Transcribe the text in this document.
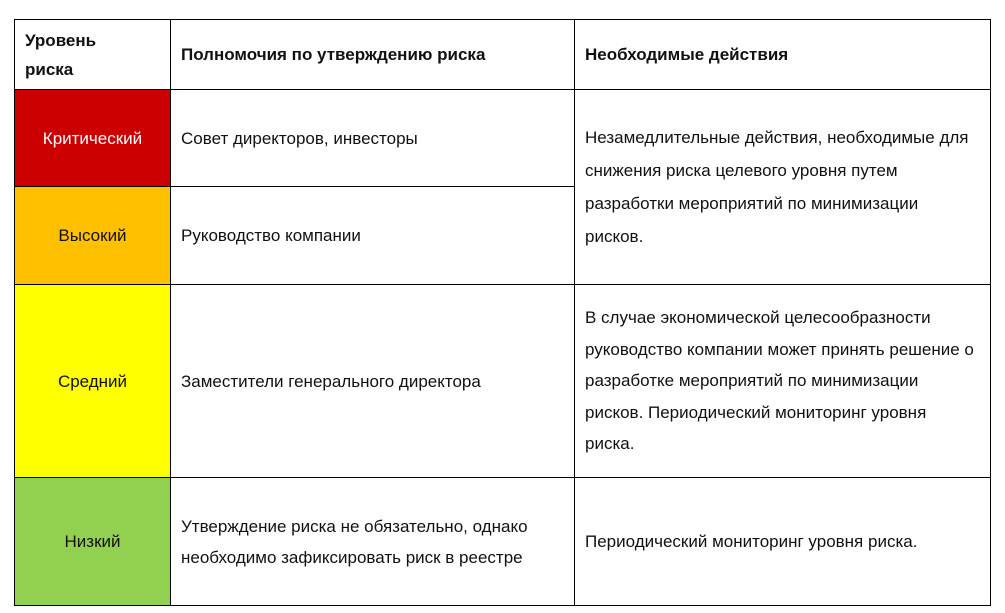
Уровень риска	Полномочия по утверждению риска	Необходимые действия
Критический	Совет директоров, инвесторы	Незамедлительные действия, необходимые для снижения риска целевого уровня путем разработки мероприятий по минимизации рисков.
Высокий	Руководство компании	
Средний	Заместители генерального директора	В случае экономической целесообразности руководство компании может принять решение о разработке мероприятий по минимизации рисков. Периодический мониторинг уровня риска.
Низкий	Утверждение риска не обязательно, однако необходимо зафиксировать риск в реестре	Периодический мониторинг уровня риска.
